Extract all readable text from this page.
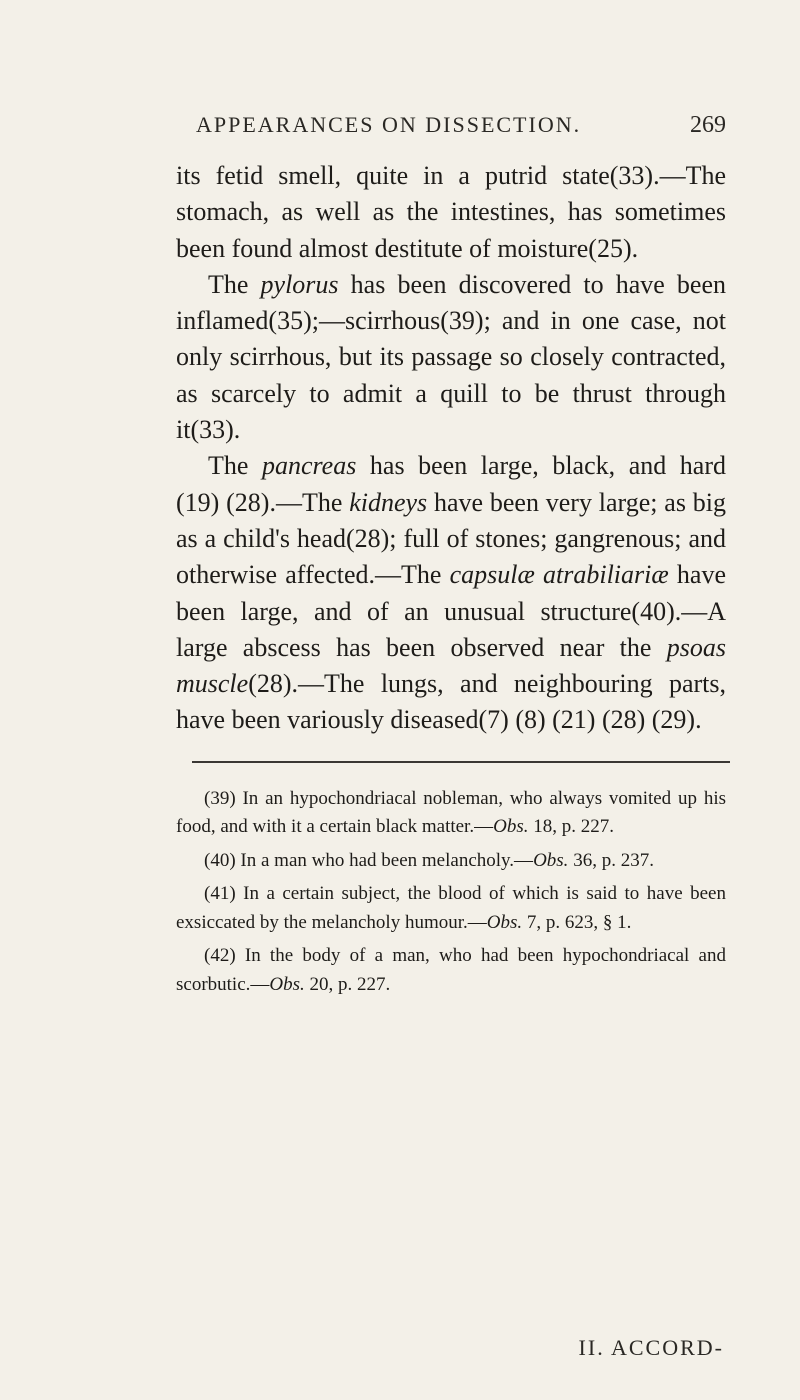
APPEARANCES ON DISSECTION.	269

its fetid smell, quite in a putrid state(33).—The stomach, as well as the intestines, has sometimes been found almost destitute of moisture(25).

The pylorus has been discovered to have been inflamed(35);—scirrhous(39); and in one case, not only scirrhous, but its passage so closely contracted, as scarcely to admit a quill to be thrust through it(33).

The pancreas has been large, black, and hard (19) (28).—The kidneys have been very large; as big as a child's head(28); full of stones; gangrenous; and otherwise affected.—The capsulæ atrabiliariæ have been large, and of an unusual structure(40).—A large abscess has been observed near the psoas muscle(28).—The lungs, and neighbouring parts, have been variously diseased(7) (8) (21) (28) (29).

(39) In an hypochondriacal nobleman, who always vomited up his food, and with it a certain black matter.—Obs. 18, p. 227.

(40) In a man who had been melancholy.—Obs. 36, p. 237.

(41) In a certain subject, the blood of which is said to have been exsiccated by the melancholy humour.—Obs. 7, p. 623, § 1.

(42) In the body of a man, who had been hypochondriacal and scorbutic.—Obs. 20, p. 227.

II. ACCORD-
